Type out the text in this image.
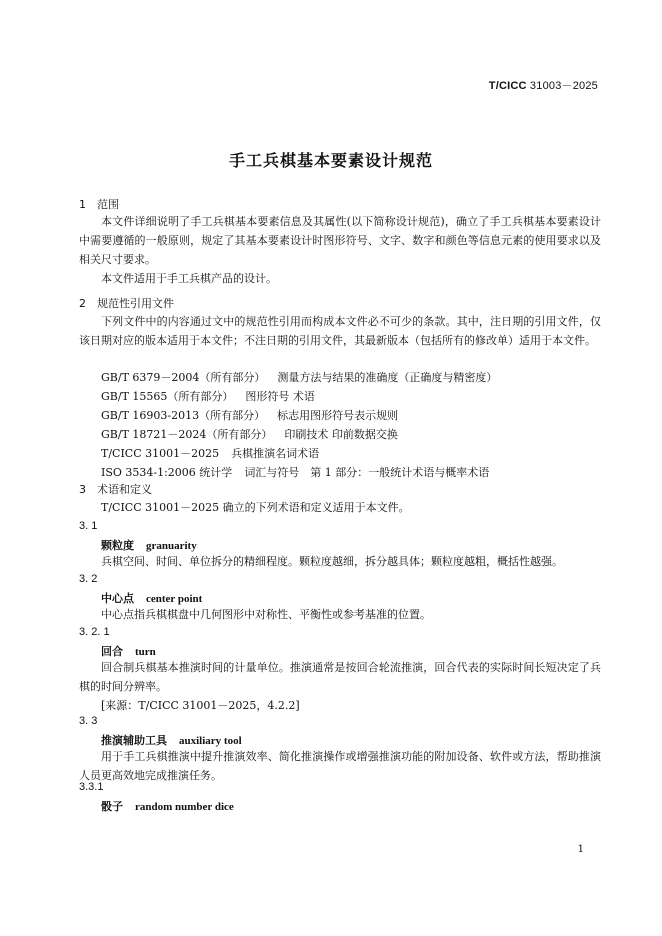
T/CICC 31003－2025
手工兵棋基本要素设计规范
1 范围
本文件详细说明了手工兵棋基本要素信息及其属性(以下简称设计规范)，确立了手工兵棋基本要素设计中需要遵循的一般原则，规定了其基本要素设计时图形符号、文字、数字和颜色等信息元素的使用要求以及相关尺寸要求。
本文件适用于手工兵棋产品的设计。
2 规范性引用文件
下列文件中的内容通过文中的规范性引用而构成本文件必不可少的条款。其中，注日期的引用文件，仅该日期对应的版本适用于本文件；不注日期的引用文件，其最新版本（包括所有的修改单）适用于本文件。
GB/T 6379－2004（所有部分） 测量方法与结果的准确度（正确度与精密度）
GB/T 15565（所有部分） 图形符号 术语
GB/T 16903-2013（所有部分） 标志用图形符号表示规则
GB/T 18721－2024（所有部分） 印刷技术 印前数据交换
T/CICC 31001－2025 兵棋推演名词术语
ISO 3534-1:2006 统计学 词汇与符号　第 1 部分：一般统计术语与概率术语
3 术语和定义
T/CICC 31001－2025 确立的下列术语和定义适用于本文件。
3. 1
颗粒度 granuarity
兵棋空间、时间、单位拆分的精细程度。颗粒度越细，拆分越具体；颗粒度越粗，概括性越强。
3. 2
中心点 center point
中心点指兵棋棋盘中几何图形中对称性、平衡性或参考基准的位置。
3. 2. 1
回合 turn
回合制兵棋基本推演时间的计量单位。推演通常是按回合轮流推演，回合代表的实际时间长短决定了兵棋的时间分辨率。
[来源：T/CICC 31001－2025，4.2.2]
3. 3
推演辅助工具 auxiliary tool
用于手工兵棋推演中提升推演效率、简化推演操作或增强推演功能的附加设备、软件或方法，帮助推演人员更高效地完成推演任务。
3.3.1
骰子 random number dice
1
